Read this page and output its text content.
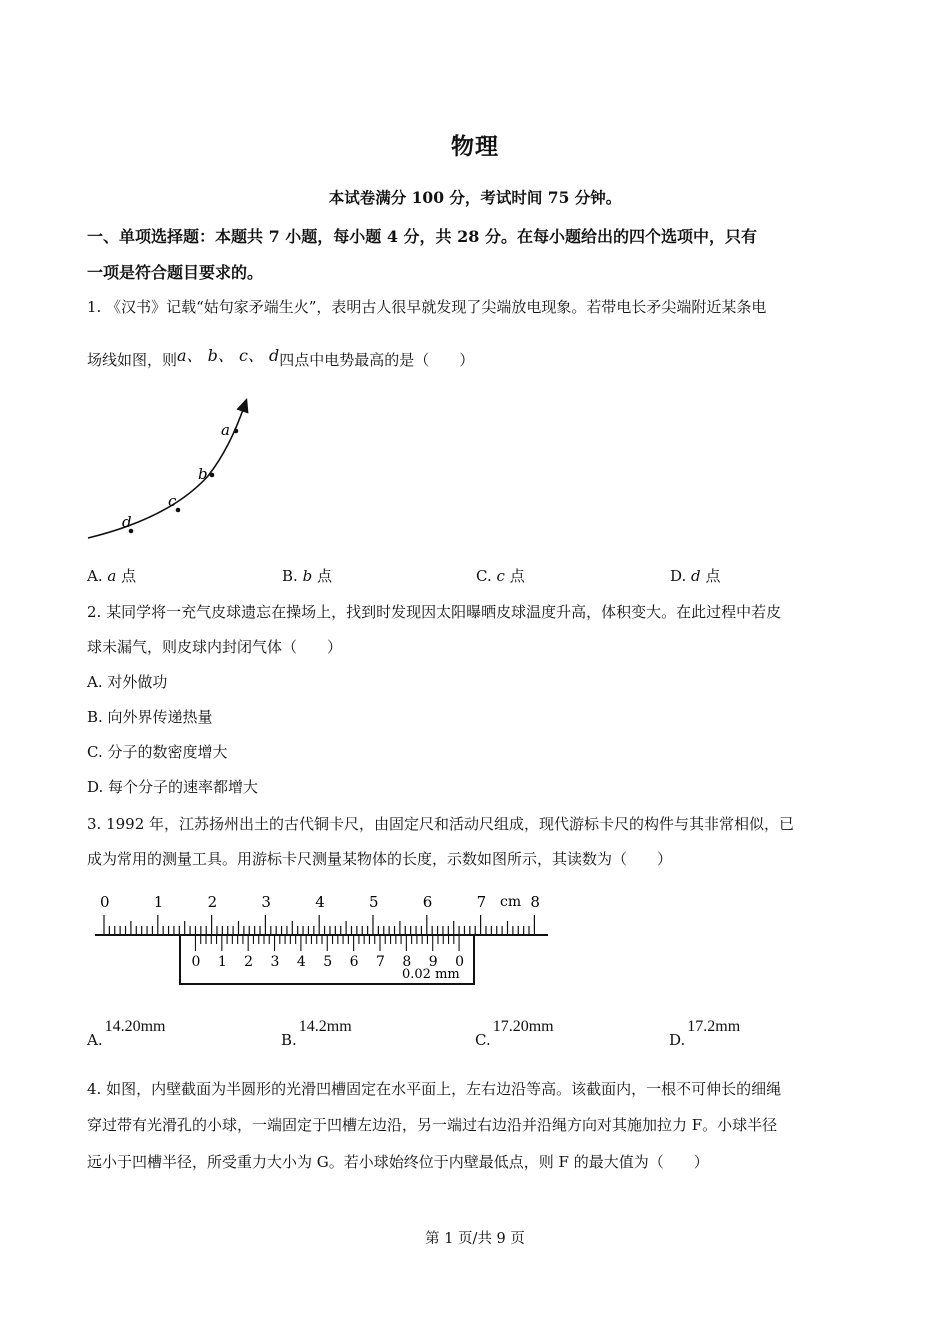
物理
本试卷满分 100 分，考试时间 75 分钟。
一、单项选择题：本题共 7 小题，每小题 4 分，共 28 分。在每小题给出的四个选项中，只有
一项是符合题目要求的。
1. 《汉书》记载“姑句家矛端生火”，表明古人很早就发现了尖端放电现象。若带电长矛尖端附近某条电
场线如图，则a、 b、 c、 d四点中电势最高的是（　　）
a
b
c
d
A. a 点	B. b 点	C. c 点	D. d 点
2. 某同学将一充气皮球遗忘在操场上，找到时发现因太阳曝晒皮球温度升高，体积变大。在此过程中若皮
球未漏气，则皮球内封闭气体（　　）
A. 对外做功
B. 向外界传递热量
C. 分子的数密度增大
D. 每个分子的速率都增大
3. 1992 年，江苏扬州出土的古代铜卡尺，由固定尺和活动尺组成，现代游标卡尺的构件与其非常相似，已
成为常用的测量工具。用游标卡尺测量某物体的长度，示数如图所示，其读数为（　　）
0	1	2	3	4	5	6	7	8
cm
0 1 2 3 4 5 6 7 8 9 0
0.02 mm
A.14.20mm
B.14.2mm
C.17.20mm
D.17.2mm
4. 如图，内壁截面为半圆形的光滑凹槽固定在水平面上，左右边沿等高。该截面内，一根不可伸长的细绳
穿过带有光滑孔的小球，一端固定于凹槽左边沿，另一端过右边沿并沿绳方向对其施加拉力 F。小球半径
远小于凹槽半径，所受重力大小为 G。若小球始终位于内壁最低点，则 F 的最大值为（　　）
第 1 页/共 9 页
